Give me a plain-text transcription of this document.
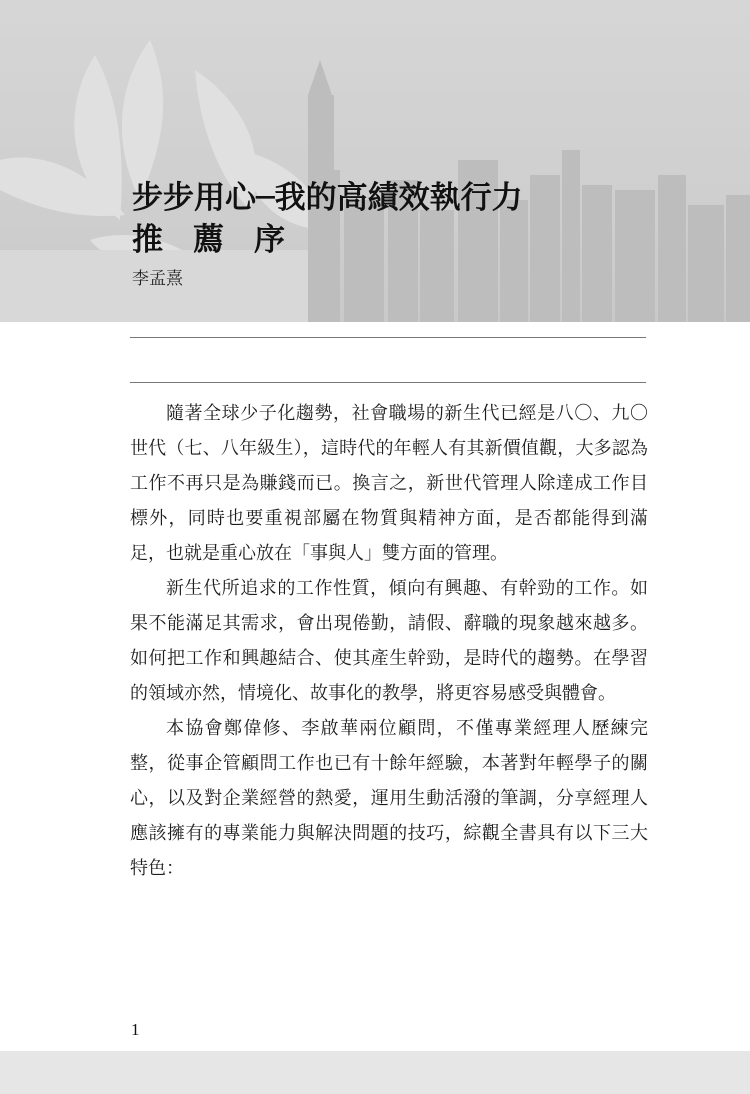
步步用心─我的高績效執行力
推 薦 序
李孟熹

隨著全球少子化趨勢，社會職場的新生代已經是八〇、九〇世代（七、八年級生），這時代的年輕人有其新價值觀，大多認為工作不再只是為賺錢而已。換言之，新世代管理人除達成工作目標外，同時也要重視部屬在物質與精神方面，是否都能得到滿足，也就是重心放在「事與人」雙方面的管理。

新生代所追求的工作性質，傾向有興趣、有幹勁的工作。如果不能滿足其需求，會出現倦勤，請假、辭職的現象越來越多。如何把工作和興趣結合、使其產生幹勁，是時代的趨勢。在學習的領域亦然，情境化、故事化的教學，將更容易感受與體會。

本協會鄭偉修、李啟華兩位顧問，不僅專業經理人歷練完整，從事企管顧問工作也已有十餘年經驗，本著對年輕學子的關心，以及對企業經營的熱愛，運用生動活潑的筆調，分享經理人應該擁有的專業能力與解決問題的技巧，綜觀全書具有以下三大特色：

1
